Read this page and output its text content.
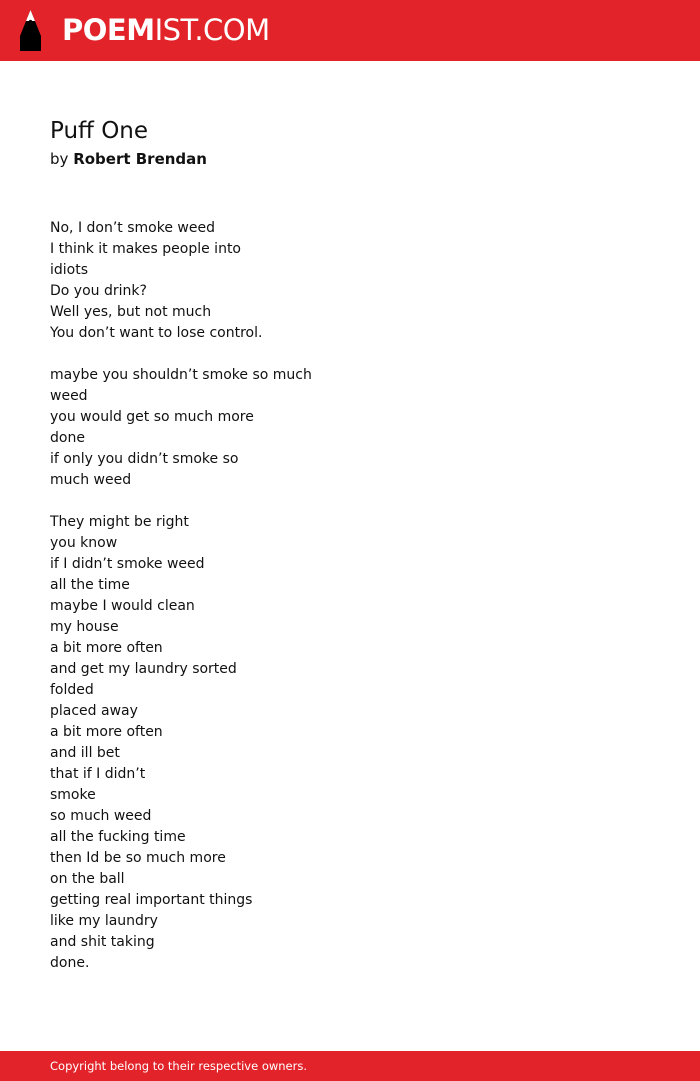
POEMIST.COM
Puff One
by Robert Brendan
No, I don’t smoke weed
I think it makes people into
idiots
Do you drink?
Well yes, but not much
You don’t want to lose control.
maybe you shouldn’t smoke so much
weed
you would get so much more
done
if only you didn’t smoke so
much weed
They might be right
you know
if I didn’t smoke weed
all the time
maybe I would clean
my house
a bit more often
and get my laundry sorted
folded
placed away
a bit more often
and ill bet
that if I didn’t
smoke
so much weed
all the fucking time
then Id be so much more
on the ball
getting real important things
like my laundry
and shit taking
done.
Copyright belong to their respective owners.
